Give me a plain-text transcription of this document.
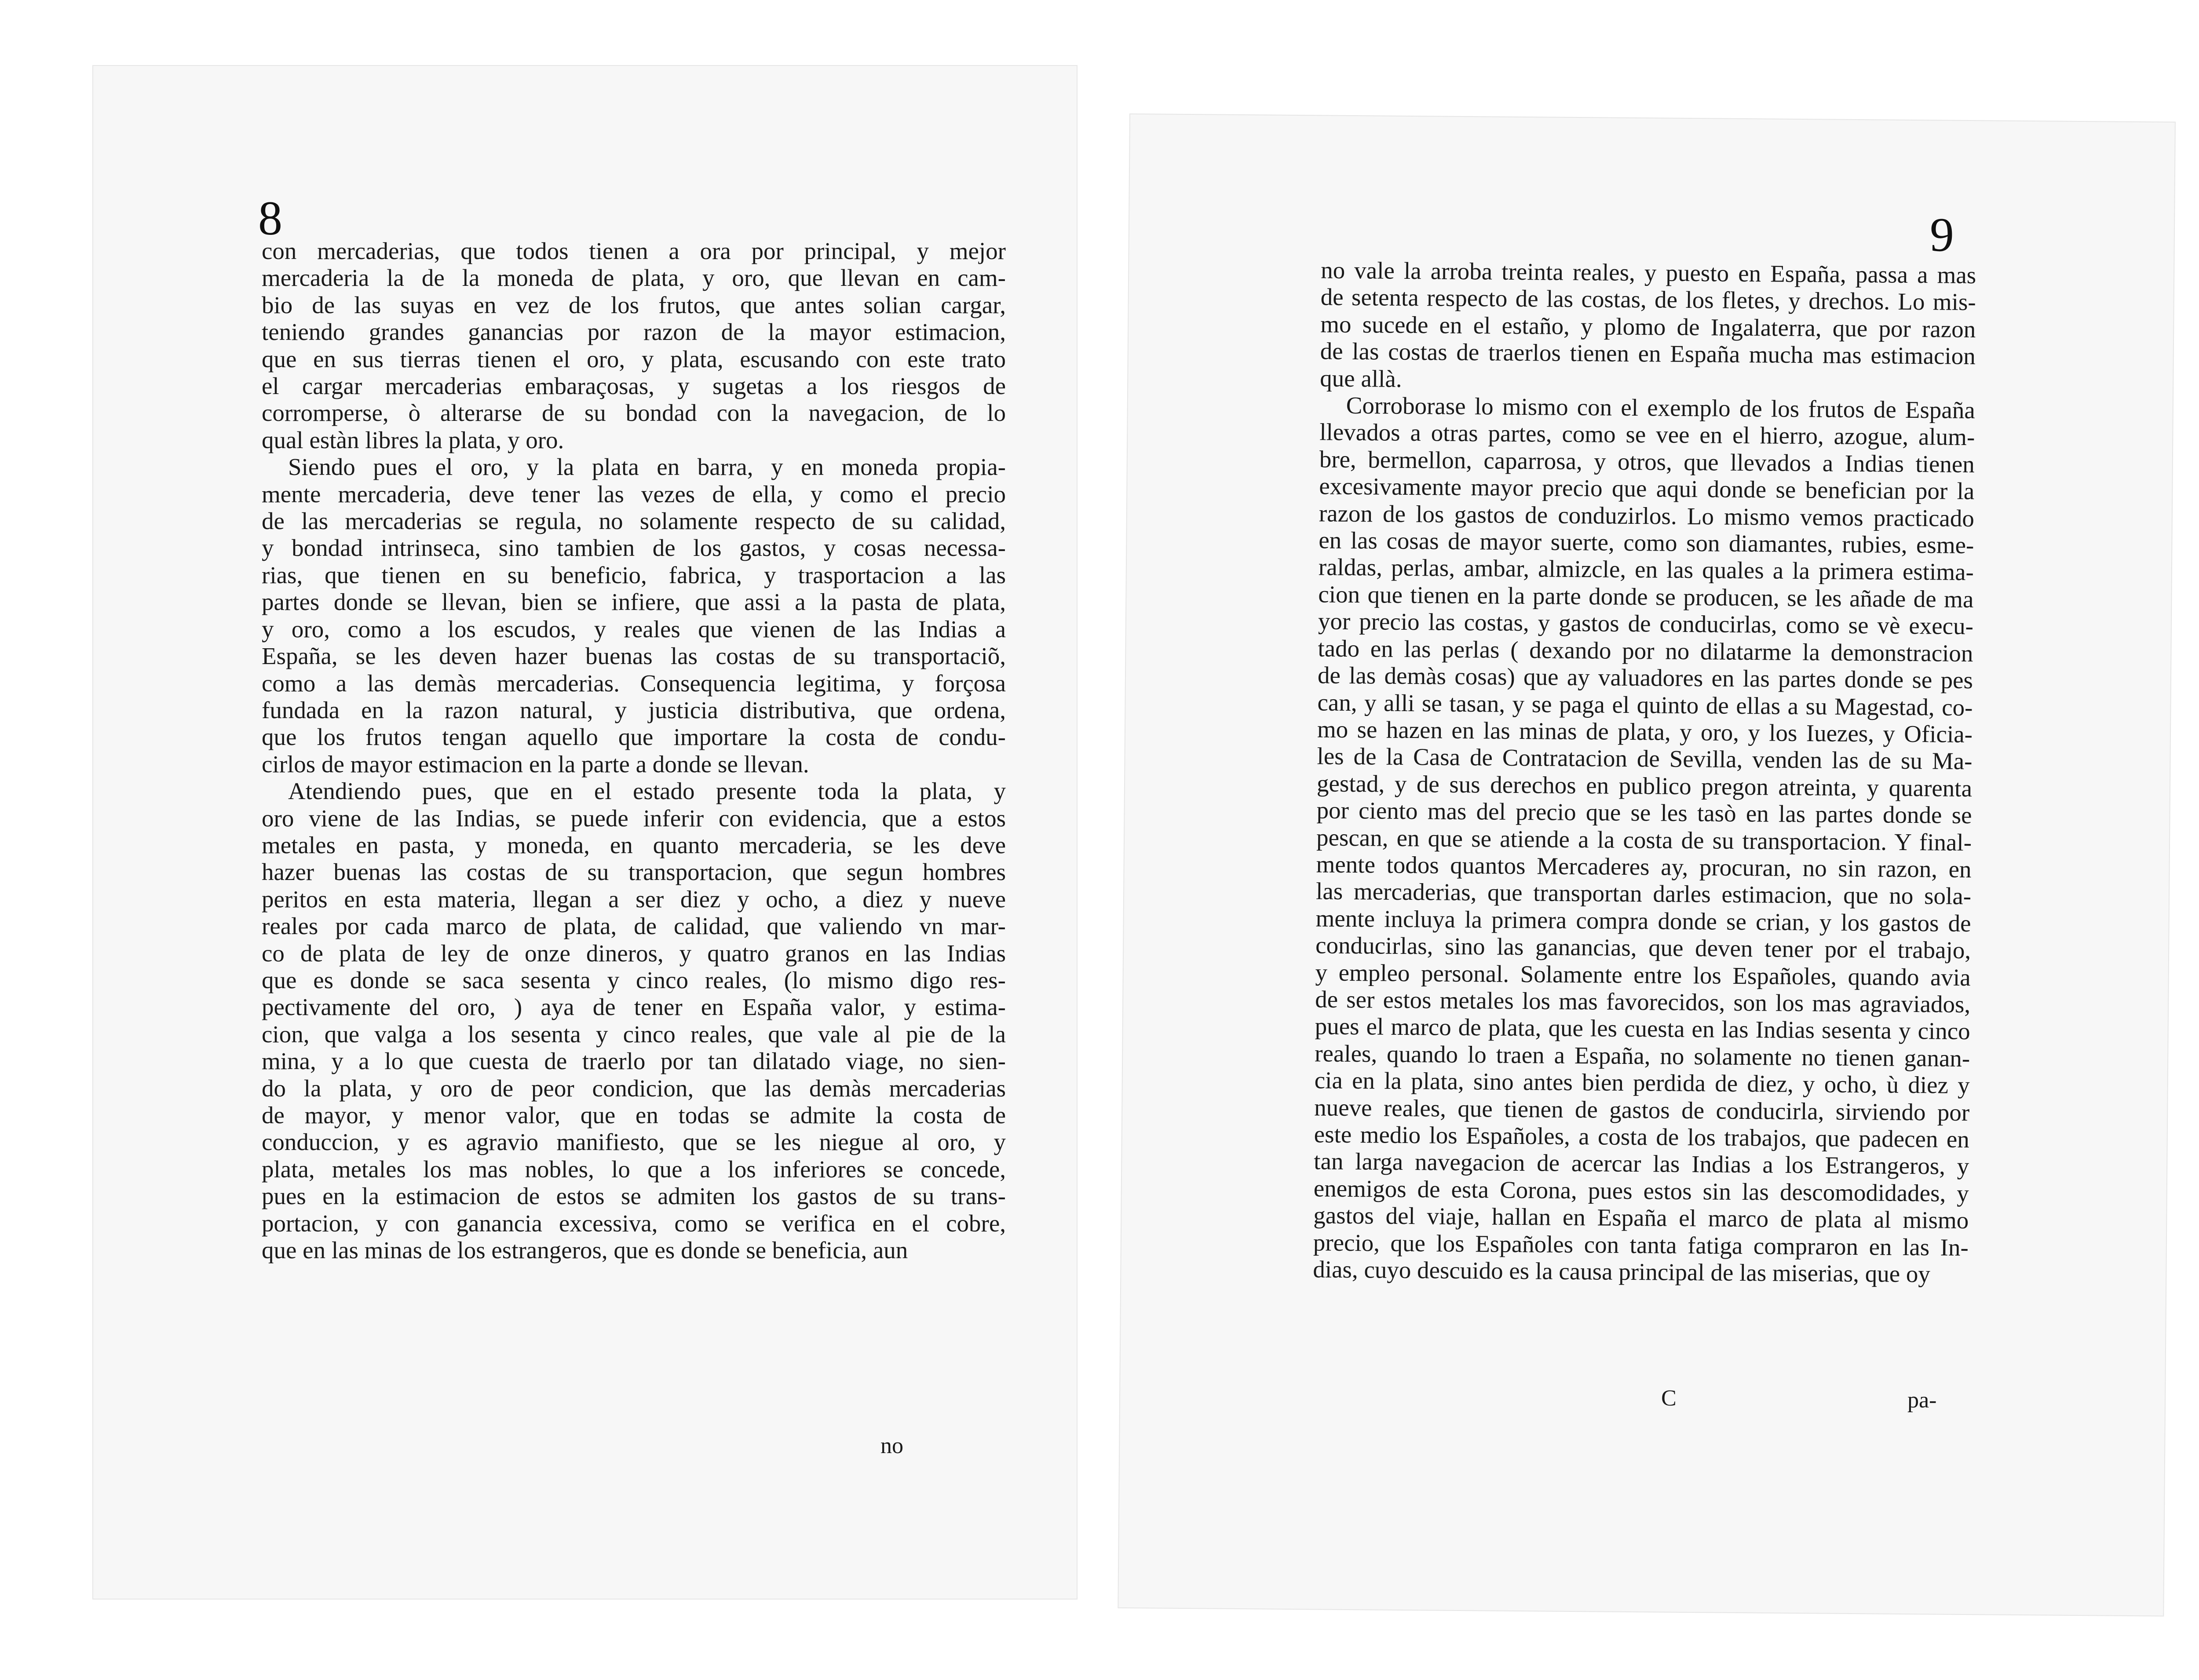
8
con mercaderias, que todos tienen a ora por principal, y mejor
mercaderia la de la moneda de plata, y oro, que llevan en cam-
bio de las suyas en vez de los frutos, que antes solian cargar,
teniendo grandes ganancias por razon de la mayor estimacion,
que en sus tierras tienen el oro, y plata, escusando con este trato
el cargar mercaderias embaraçosas, y sugetas a los riesgos de
corromperse, ò alterarse de su bondad con la navegacion, de lo
qual estàn libres la plata, y oro.
Siendo pues el oro, y la plata en barra, y en moneda propia-
mente mercaderia, deve tener las vezes de ella, y como el precio
de las mercaderias se regula, no solamente respecto de su calidad,
y bondad intrinseca, sino tambien de los gastos, y cosas necessa-
rias, que tienen en su beneficio, fabrica, y trasportacion a las
partes donde se llevan, bien se infiere, que assi a la pasta de plata,
y oro, como a los escudos, y reales que vienen de las Indias a
España, se les deven hazer buenas las costas de su transportaciõ,
como a las demàs mercaderias. Consequencia legitima, y forçosa
fundada en la razon natural, y justicia distributiva, que ordena,
que los frutos tengan aquello que importare la costa de condu-
cirlos de mayor estimacion en la parte a donde se llevan.
Atendiendo pues, que en el estado presente toda la plata, y
oro viene de las Indias, se puede inferir con evidencia, que a estos
metales en pasta, y moneda, en quanto mercaderia, se les deve
hazer buenas las costas de su transportacion, que segun hombres
peritos en esta materia, llegan a ser diez y ocho, a diez y nueve
reales por cada marco de plata, de calidad, que valiendo vn mar-
co de plata de ley de onze dineros, y quatro granos en las Indias
que es donde se saca sesenta y cinco reales, (lo mismo digo res-
pectivamente del oro, ) aya de tener en España valor, y estima-
cion, que valga a los sesenta y cinco reales, que vale al pie de la
mina, y a lo que cuesta de traerlo por tan dilatado viage, no sien-
do la plata, y oro de peor condicion, que las demàs mercaderias
de mayor, y menor valor, que en todas se admite la costa de
conduccion, y es agravio manifiesto, que se les niegue al oro, y
plata, metales los mas nobles, lo que a los inferiores se concede,
pues en la estimacion de estos se admiten los gastos de su trans-
portacion, y con ganancia excessiva, como se verifica en el cobre,
que en las minas de los estrangeros, que es donde se beneficia, aun
no
9
no vale la arroba treinta reales, y puesto en España, passa a mas
de setenta respecto de las costas, de los fletes, y drechos. Lo mis-
mo sucede en el estaño, y plomo de Ingalaterra, que por razon
de las costas de traerlos tienen en España mucha mas estimacion
que allà.
Corroborase lo mismo con el exemplo de los frutos de España
llevados a otras partes, como se vee en el hierro, azogue, alum-
bre, bermellon, caparrosa, y otros, que llevados a Indias tienen
excesivamente mayor precio que aqui donde se benefician por la
razon de los gastos de conduzirlos. Lo mismo vemos practicado
en las cosas de mayor suerte, como son diamantes, rubies, esme-
raldas, perlas, ambar, almizcle, en las quales a la primera estima-
cion que tienen en la parte donde se producen, se les añade de ma
yor precio las costas, y gastos de conducirlas, como se vè execu-
tado en las perlas ( dexando por no dilatarme la demonstracion
de las demàs cosas) que ay valuadores en las partes donde se pes
can, y alli se tasan, y se paga el quinto de ellas a su Magestad, co-
mo se hazen en las minas de plata, y oro, y los Iuezes, y Oficia-
les de la Casa de Contratacion de Sevilla, venden las de su Ma-
gestad, y de sus derechos en publico pregon atreinta, y quarenta
por ciento mas del precio que se les tasò en las partes donde se
pescan, en que se atiende a la costa de su transportacion. Y final-
mente todos quantos Mercaderes ay, procuran, no sin razon, en
las mercaderias, que transportan darles estimacion, que no sola-
mente incluya la primera compra donde se crian, y los gastos de
conducirlas, sino las ganancias, que deven tener por el trabajo,
y empleo personal. Solamente entre los Españoles, quando avia
de ser estos metales los mas favorecidos, son los mas agraviados,
pues el marco de plata, que les cuesta en las Indias sesenta y cinco
reales, quando lo traen a España, no solamente no tienen ganan-
cia en la plata, sino antes bien perdida de diez, y ocho, ù diez y
nueve reales, que tienen de gastos de conducirla, sirviendo por
este medio los Españoles, a costa de los trabajos, que padecen en
tan larga navegacion de acercar las Indias a los Estrangeros, y
enemigos de esta Corona, pues estos sin las descomodidades, y
gastos del viaje, hallan en España el marco de plata al mismo
precio, que los Españoles con tanta fatiga compraron en las In-
dias, cuyo descuido es la causa principal de las miserias, que oy
C	pa-
